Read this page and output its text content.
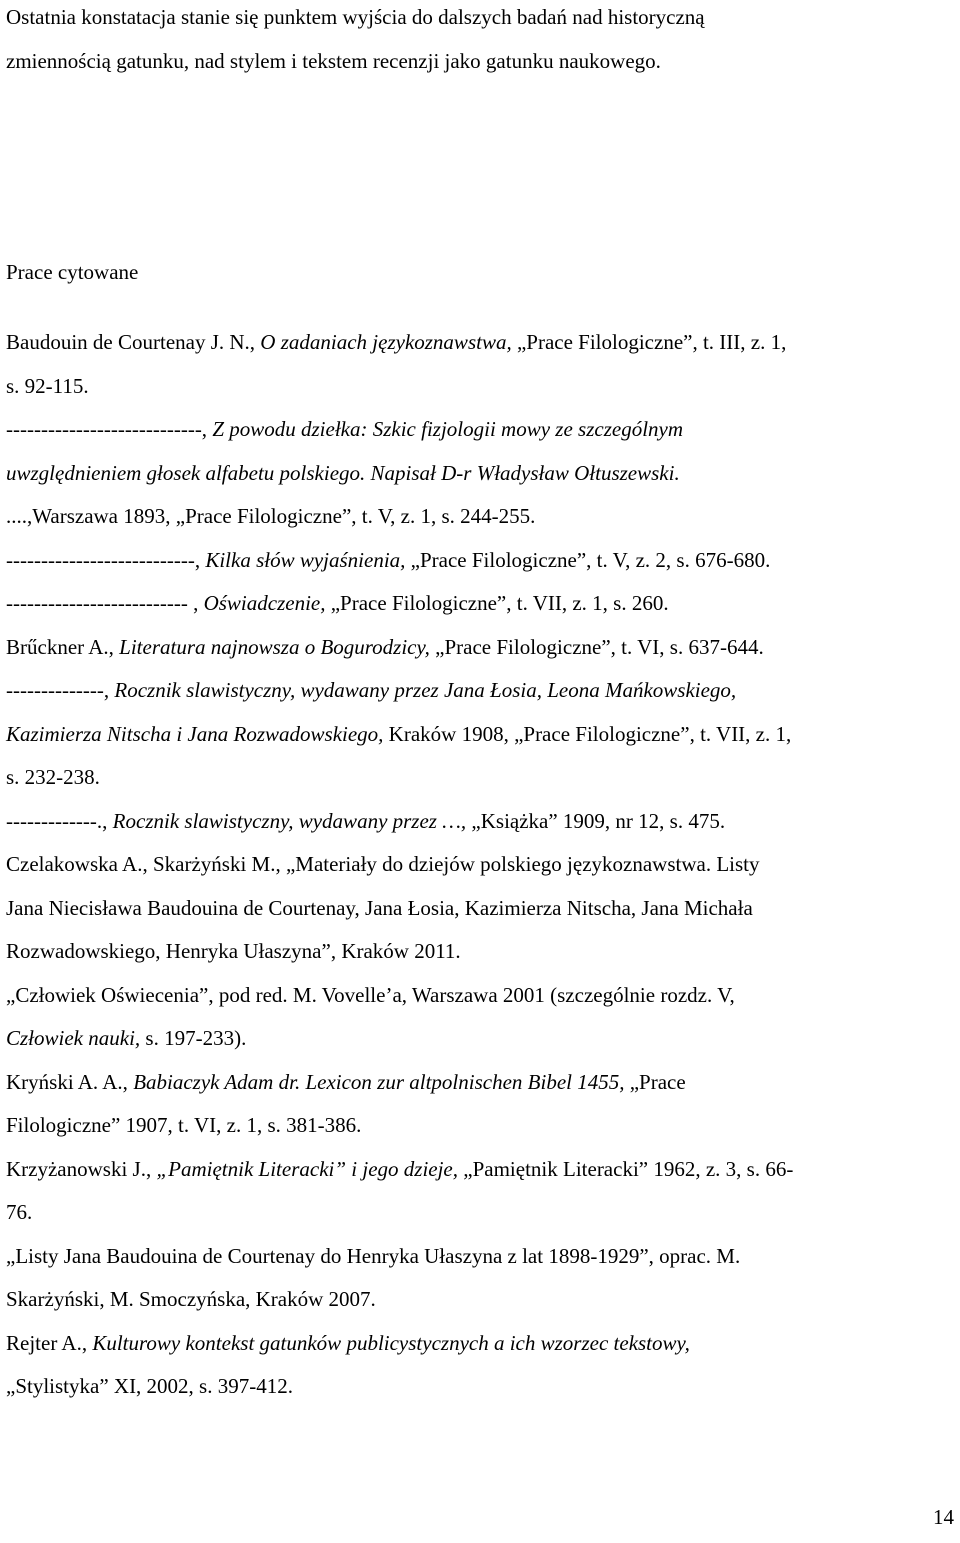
Ostatnia konstatacja stanie się punktem wyjścia do dalszych badań nad historyczną
zmiennością gatunku, nad stylem i tekstem recenzji jako gatunku naukowego.

Prace cytowane
Baudouin de Courtenay J. N., O zadaniach językoznawstwa, „Prace Filologiczne”, t. III, z. 1,
s. 92-115.
----------------------------, Z powodu dziełka: Szkic fizjologii mowy ze szczególnym
uwzględnieniem głosek alfabetu polskiego. Napisał D-r Władysław Ołtuszewski.
....,Warszawa 1893, „Prace Filologiczne”, t. V, z. 1, s. 244-255.
---------------------------, Kilka słów wyjaśnienia, „Prace Filologiczne”, t. V, z. 2, s. 676-680.
-------------------------- , Oświadczenie, „Prace Filologiczne”, t. VII, z. 1, s. 260.
Brűckner A., Literatura najnowsza o Bogurodzicy, „Prace Filologiczne”, t. VI, s. 637-644.
--------------, Rocznik slawistyczny, wydawany przez Jana Łosia, Leona Mańkowskiego,
Kazimierza Nitscha i Jana Rozwadowskiego, Kraków 1908, „Prace Filologiczne”, t. VII, z. 1,
s. 232-238.
-------------., Rocznik slawistyczny, wydawany przez …, „Książka” 1909, nr 12, s. 475.
Czelakowska A., Skarżyński M., „Materiały do dziejów polskiego językoznawstwa. Listy
Jana Niecisława Baudouina de Courtenay, Jana Łosia, Kazimierza Nitscha, Jana Michała
Rozwadowskiego, Henryka Ułaszyna”, Kraków 2011.
„Człowiek Oświecenia”, pod red. M. Vovelle’a, Warszawa 2001 (szczególnie rozdz. V,
Człowiek nauki, s. 197-233).
Kryński A. A., Babiaczyk Adam dr. Lexicon zur altpolnischen Bibel 1455, „Prace
Filologiczne” 1907, t. VI, z. 1, s. 381-386.
Krzyżanowski J., „Pamiętnik Literacki” i jego dzieje, „Pamiętnik Literacki” 1962, z. 3, s. 66-
76.
„Listy Jana Baudouina de Courtenay do Henryka Ułaszyna z lat 1898-1929”, oprac. M.
Skarżyński, M. Smoczyńska, Kraków 2007.
Rejter A., Kulturowy kontekst gatunków publicystycznych a ich wzorzec tekstowy,
„Stylistyka” XI, 2002, s. 397-412.
14
